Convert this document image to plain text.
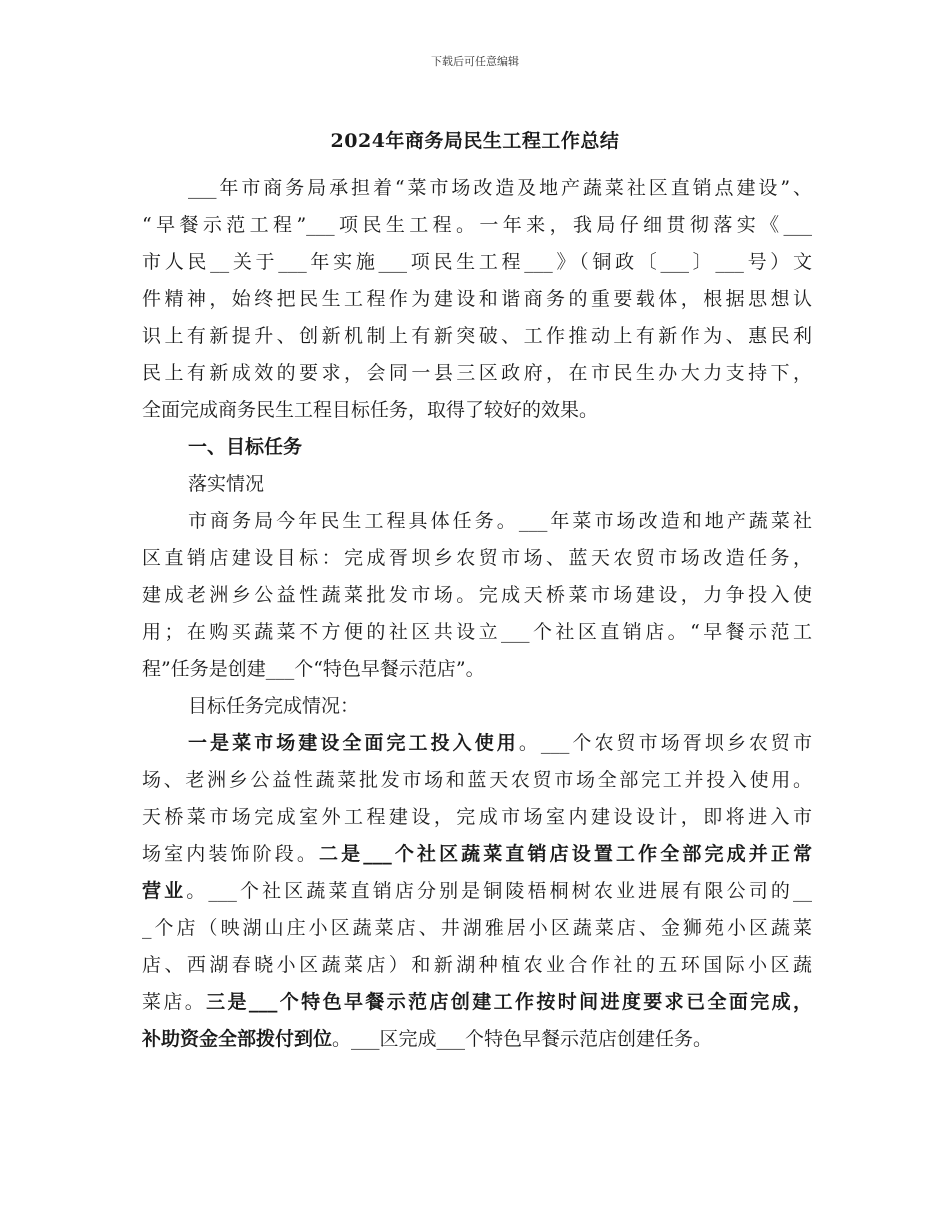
下载后可任意编辑
2024年商务局民生工程工作总结
___年市商务局承担着“菜市场改造及地产蔬菜社区直销点建设”、
“早餐示范工程”___项民生工程。一年来，我局仔细贯彻落实《___
市人民__关于___年实施___项民生工程___》（铜政〔___〕___号）文
件精神，始终把民生工程作为建设和谐商务的重要载体，根据思想认
识上有新提升、创新机制上有新突破、工作推动上有新作为、惠民利
民上有新成效的要求，会同一县三区政府，在市民生办大力支持下，
全面完成商务民生工程目标任务，取得了较好的效果。
一、目标任务
落实情况
市商务局今年民生工程具体任务。___年菜市场改造和地产蔬菜社
区直销店建设目标：完成胥坝乡农贸市场、蓝天农贸市场改造任务，
建成老洲乡公益性蔬菜批发市场。完成天桥菜市场建设，力争投入使
用；在购买蔬菜不方便的社区共设立___个社区直销店。“早餐示范工
程”任务是创建___个“特色早餐示范店”。
目标任务完成情况：
一是菜市场建设全面完工投入使用。___个农贸市场胥坝乡农贸市
场、老洲乡公益性蔬菜批发市场和蓝天农贸市场全部完工并投入使用。
天桥菜市场完成室外工程建设，完成市场室内建设设计，即将进入市
场室内装饰阶段。二是___个社区蔬菜直销店设置工作全部完成并正常
营业。___个社区蔬菜直销店分别是铜陵梧桐树农业进展有限公司的__
_个店（映湖山庄小区蔬菜店、井湖雅居小区蔬菜店、金狮苑小区蔬菜
店、西湖春晓小区蔬菜店）和新湖种植农业合作社的五环国际小区蔬
菜店。三是___个特色早餐示范店创建工作按时间进度要求已全面完成，
补助资金全部拨付到位。___区完成___个特色早餐示范店创建任务。
